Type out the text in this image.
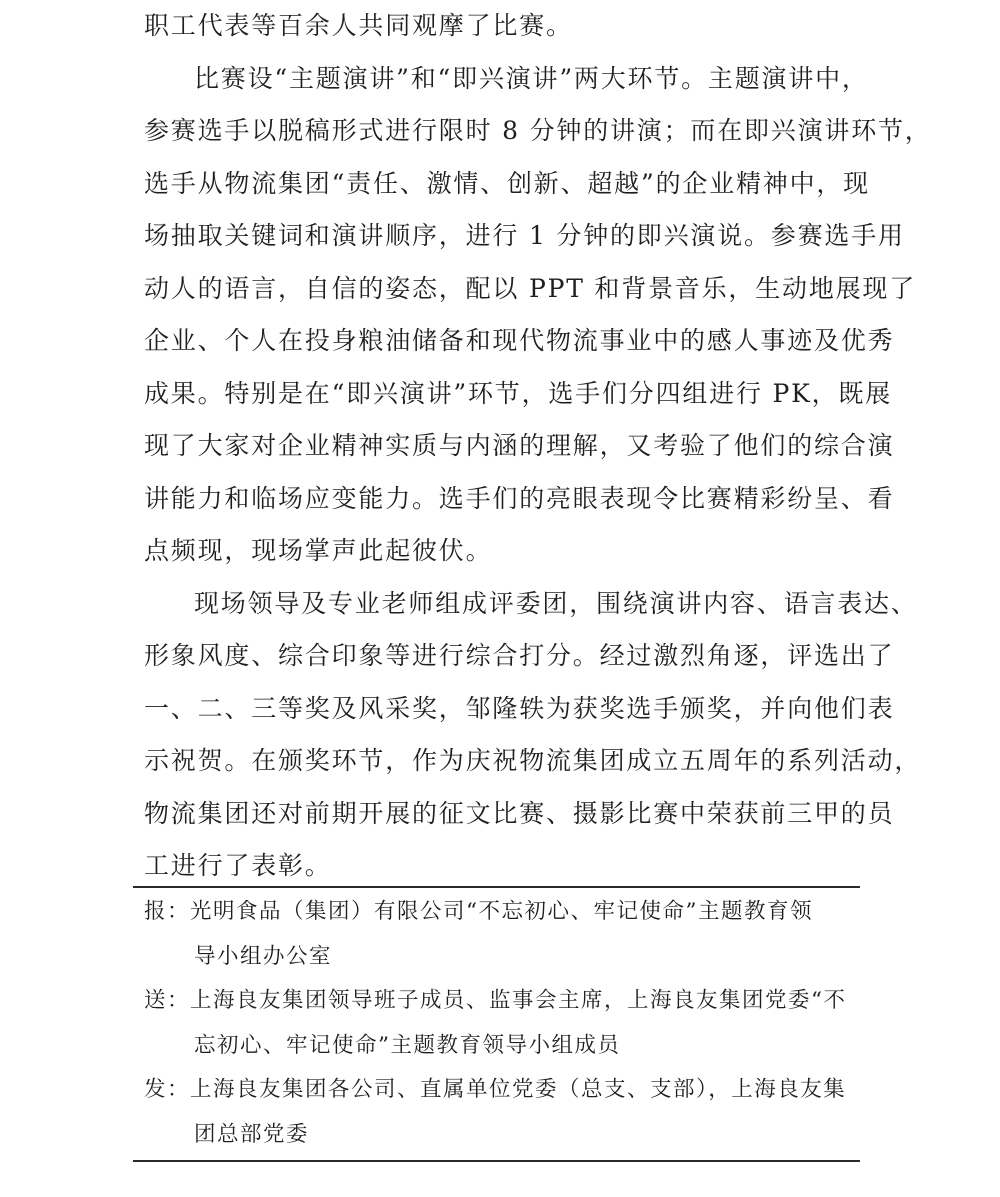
职工代表等百余人共同观摩了比赛。
比赛设“主题演讲”和“即兴演讲”两大环节。主题演讲中，
参赛选手以脱稿形式进行限时 8 分钟的讲演；而在即兴演讲环节，
选手从物流集团“责任、激情、创新、超越”的企业精神中，现
场抽取关键词和演讲顺序，进行 1 分钟的即兴演说。参赛选手用
动人的语言，自信的姿态，配以 PPT 和背景音乐，生动地展现了
企业、个人在投身粮油储备和现代物流事业中的感人事迹及优秀
成果。特别是在“即兴演讲”环节，选手们分四组进行 PK，既展
现了大家对企业精神实质与内涵的理解，又考验了他们的综合演
讲能力和临场应变能力。选手们的亮眼表现令比赛精彩纷呈、看
点频现，现场掌声此起彼伏。
现场领导及专业老师组成评委团，围绕演讲内容、语言表达、
形象风度、综合印象等进行综合打分。经过激烈角逐，评选出了
一、二、三等奖及风采奖，邹隆轶为获奖选手颁奖，并向他们表
示祝贺。在颁奖环节，作为庆祝物流集团成立五周年的系列活动，
物流集团还对前期开展的征文比赛、摄影比赛中荣获前三甲的员
工进行了表彰。
报：光明食品（集团）有限公司“不忘初心、牢记使命”主题教育领
导小组办公室
送：上海良友集团领导班子成员、监事会主席，上海良友集团党委“不
忘初心、牢记使命”主题教育领导小组成员
发：上海良友集团各公司、直属单位党委（总支、支部），上海良友集
团总部党委
